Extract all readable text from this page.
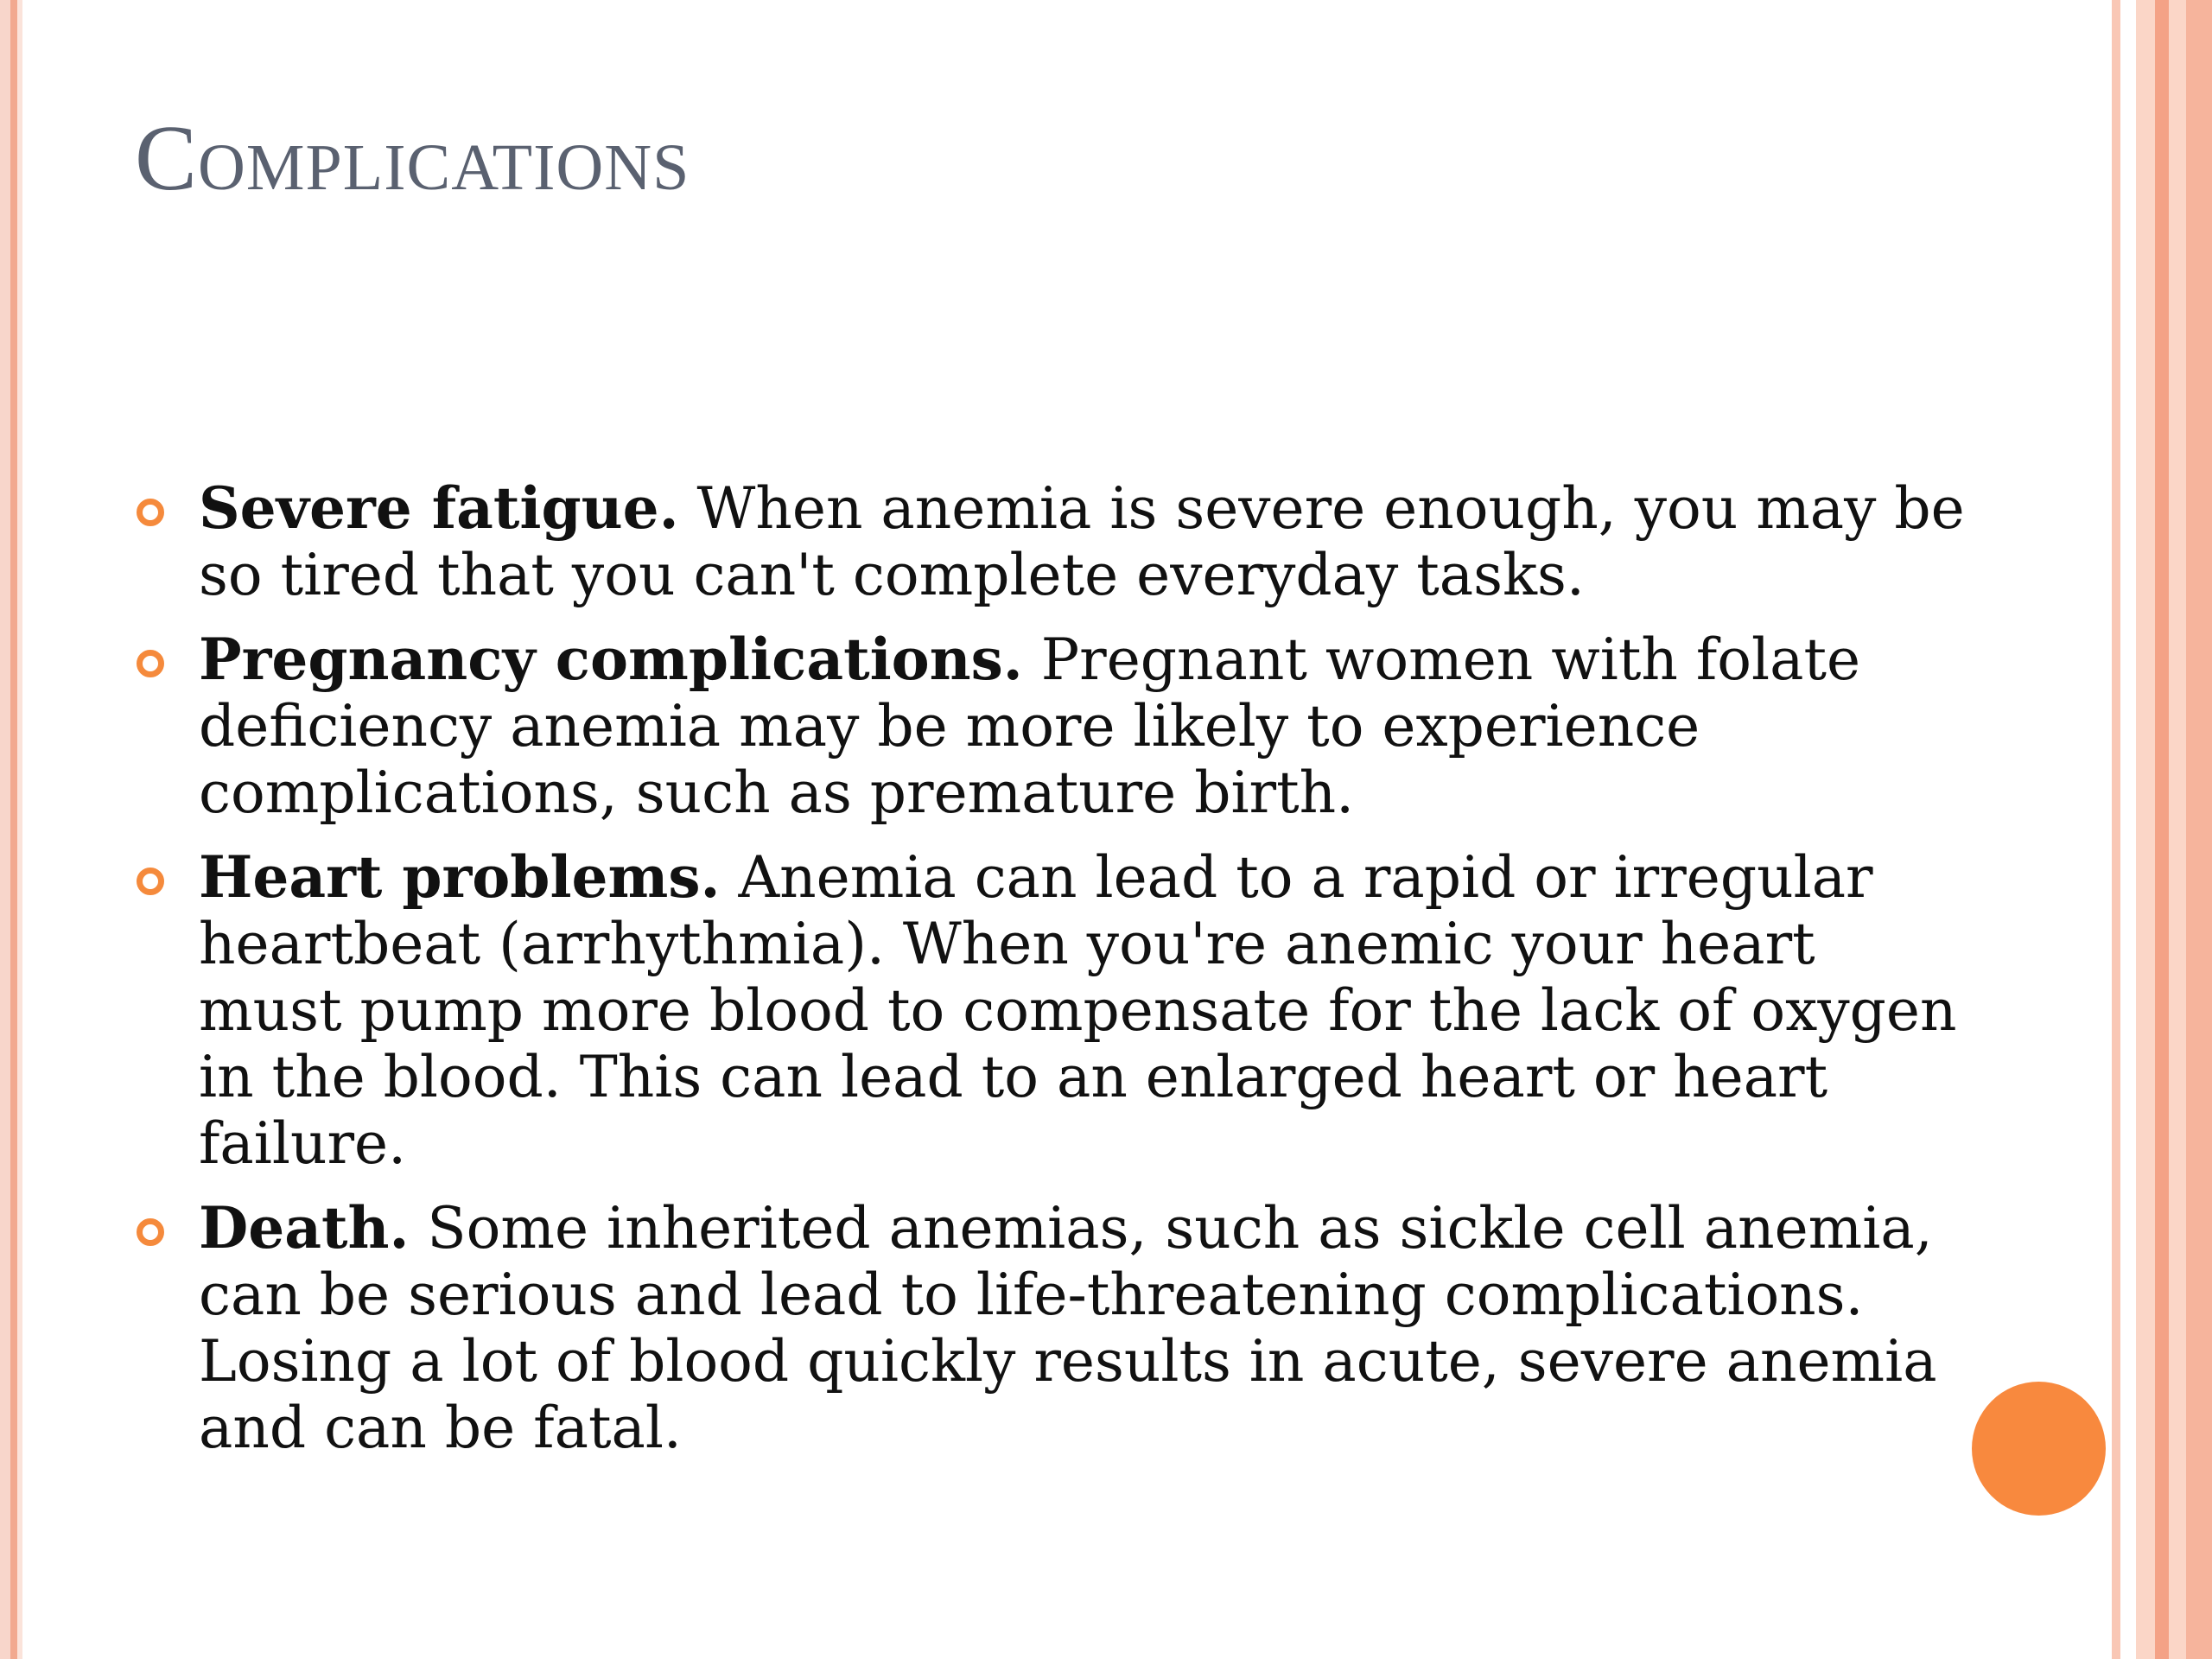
Complications
Severe fatigue. When anemia is severe enough, you may be so tired that you can't complete everyday tasks.
Pregnancy complications. Pregnant women with folate deficiency anemia may be more likely to experience complications, such as premature birth.
Heart problems. Anemia can lead to a rapid or irregular heartbeat (arrhythmia). When you're anemic your heart must pump more blood to compensate for the lack of oxygen in the blood. This can lead to an enlarged heart or heart failure.
Death. Some inherited anemias, such as sickle cell anemia, can be serious and lead to life-threatening complications. Losing a lot of blood quickly results in acute, severe anemia and can be fatal.
